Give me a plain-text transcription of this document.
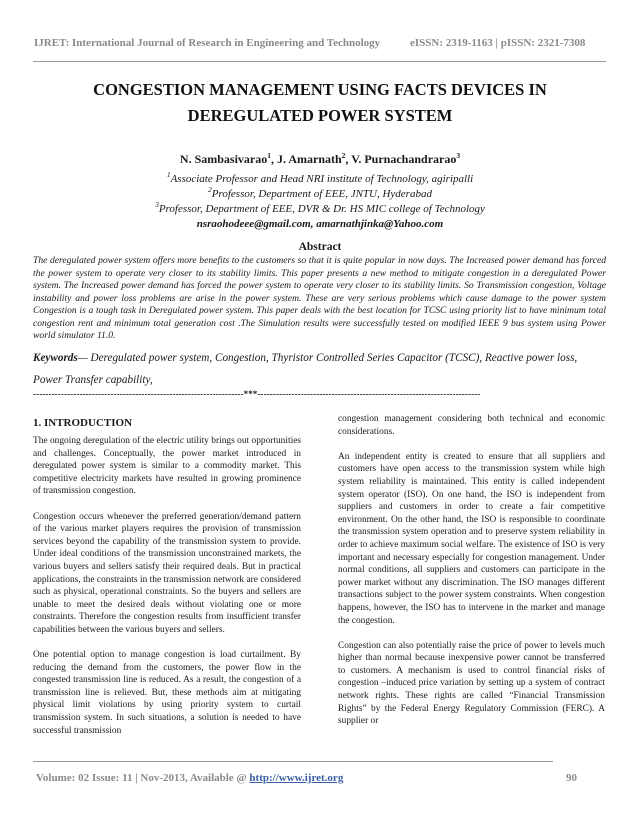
IJRET: International Journal of Research in Engineering and Technology	eISSN: 2319-1163 | pISSN: 2321-7308
CONGESTION MANAGEMENT USING FACTS DEVICES IN
DEREGULATED POWER SYSTEM
N. Sambasivarao$^1$, J. Amarnath$^2$, V. Purnachandrarao$^3$
$^1$Associate Professor and Head NRI institute of Technology, agiripalli
$^2$Professor, Department of EEE, JNTU, Hyderabad
$^3$Professor, Department of EEE, DVR & Dr. HS MIC college of Technology
nsraohodeee@gmail.com, amarnathjinka@Yahoo.com
Abstract
The deregulated power system offers more benefits to the customers so that it is quite popular in now days. The Increased power demand has forced the power system to operate very closer to its stability limits. This paper presents a new method to mitigate congestion in a deregulated Power system. The Increased power demand has forced the power system to operate very closer to its stability limits. So Transmission congestion, Voltage instability and power loss problems are arise in the power system. These are very serious problems which cause damage to the power system Congestion is a tough task in Deregulated power system. This paper deals with the best location for TCSC using priority list to have minimum total congestion rent and minimum total generation cost .The Simulation results were successfully tested on modified IEEE 9 bus system using Power world simulator 11.0.
Keywords— Deregulated power system, Congestion, Thyristor Controlled Series Capacitor (TCSC), Reactive power loss, Power Transfer capability,
--------------------------------------------------------------------***------------------------------------------------------------------------
1. INTRODUCTION

The ongoing deregulation of the electric utility brings out opportunities and challenges. Conceptually, the power market introduced in deregulated power system is similar to a commodity market. This competitive electricity markets have resulted in growing prominence of transmission congestion.

Congestion occurs whenever the preferred generation/demand pattern of the various market players requires the provision of transmission services beyond the capability of the transmission system to provide. Under ideal conditions of the transmission unconstrained markets, the various buyers and sellers satisfy their required deals. But in practical applications, the constraints in the transmission network are considered such as physical, operational constraints. So the buyers and sellers are unable to meet the desired deals without violating one or more constraints. Therefore the congestion results from insufficient transfer capabilities between the various buyers and sellers.

One potential option to manage congestion is load curtailment. By reducing the demand from the customers, the power flow in the congested transmission line is reduced. As a result, the congestion of a transmission line is relieved. But, these methods aim at mitigating physical limit violations by using priority system to curtail transmission system. In such situations, a solution is needed to have successful transmission

congestion management considering both technical and economic considerations.

An independent entity is created to ensure that all suppliers and customers have open access to the transmission system while high system reliability is maintained. This entity is called independent system operator (ISO). On one hand, the ISO is independent from suppliers and customers in order to create a fair competitive environment. On the other hand, the ISO is responsible to coordinate the transmission system operation and to preserve system reliability in order to achieve maximum social welfare. The existence of ISO is very important and necessary especially for congestion management. Under normal conditions, all suppliers and customers can participate in the power market without any discrimination. The ISO manages different transactions subject to the power system constraints. When congestion happens, however, the ISO has to intervene in the market and manage the congestion.

Congestion can also potentially raise the price of power to levels much higher than normal because inexpensive power cannot be transferred to customers. A mechanism is used to control financial risks of congestion –induced price variation by setting up a system of contract network rights. These rights are called “Financial Transmission Rights” by the Federal Energy Regulatory Commission (FERC). A supplier or

Volume: 02 Issue: 11 | Nov-2013, Available @ http://www.ijret.org	90
